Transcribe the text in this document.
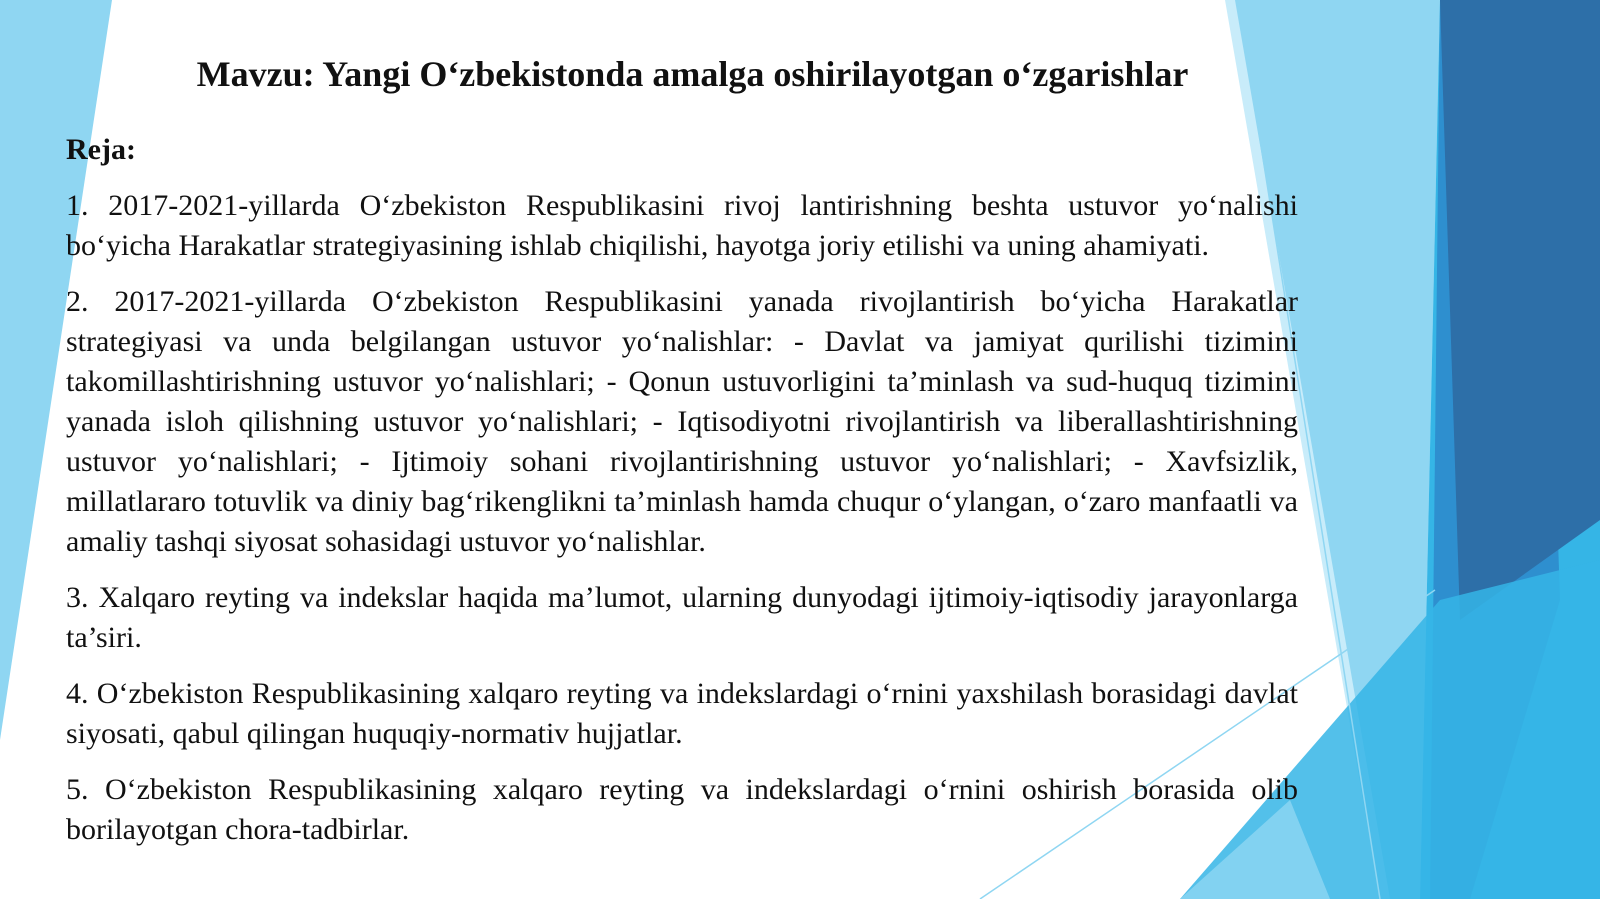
Mavzu: Yangi O‘zbekistonda amalga oshirilayotgan o‘zgarishlar
Reja:
1. 2017-2021-yillarda O‘zbekiston Respublikasini rivoj lantirishning beshta ustuvor yo‘nalishi bo‘yicha Harakatlar strategiyasining ishlab chiqilishi, hayotga joriy etilishi va uning ahamiyati.
2. 2017-2021-yillarda O‘zbekiston Respublikasini yanada rivojlantirish bo‘yicha Harakatlar strategiyasi va unda belgilangan ustuvor yo‘nalishlar: - Davlat va jamiyat qurilishi tizimini takomillashtirishning ustuvor yo‘nalishlari; - Qonun ustuvorligini ta’minlash va sud-huquq tizimini yanada isloh qilishning ustuvor yo‘nalishlari; - Iqtisodiyotni rivojlantirish va liberallashtirishning ustuvor yo‘nalishlari; - Ijtimoiy sohani rivojlantirishning ustuvor yo‘nalishlari; - Xavfsizlik, millatlararo totuvlik va diniy bag‘rikenglikni ta’minlash hamda chuqur o‘ylangan, o‘zaro manfaatli va amaliy tashqi siyosat sohasidagi ustuvor yo‘nalishlar.
3. Xalqaro reyting va indekslar haqida ma’lumot, ularning dunyodagi ijtimoiy-iqtisodiy jarayonlarga ta’siri.
4. O‘zbekiston Respublikasining xalqaro reyting va indekslardagi o‘rnini yaxshilash borasidagi davlat siyosati, qabul qilingan huquqiy-normativ hujjatlar.
5. O‘zbekiston Respublikasining xalqaro reyting va indekslardagi o‘rnini oshirish borasida olib borilayotgan chora-tadbirlar.
